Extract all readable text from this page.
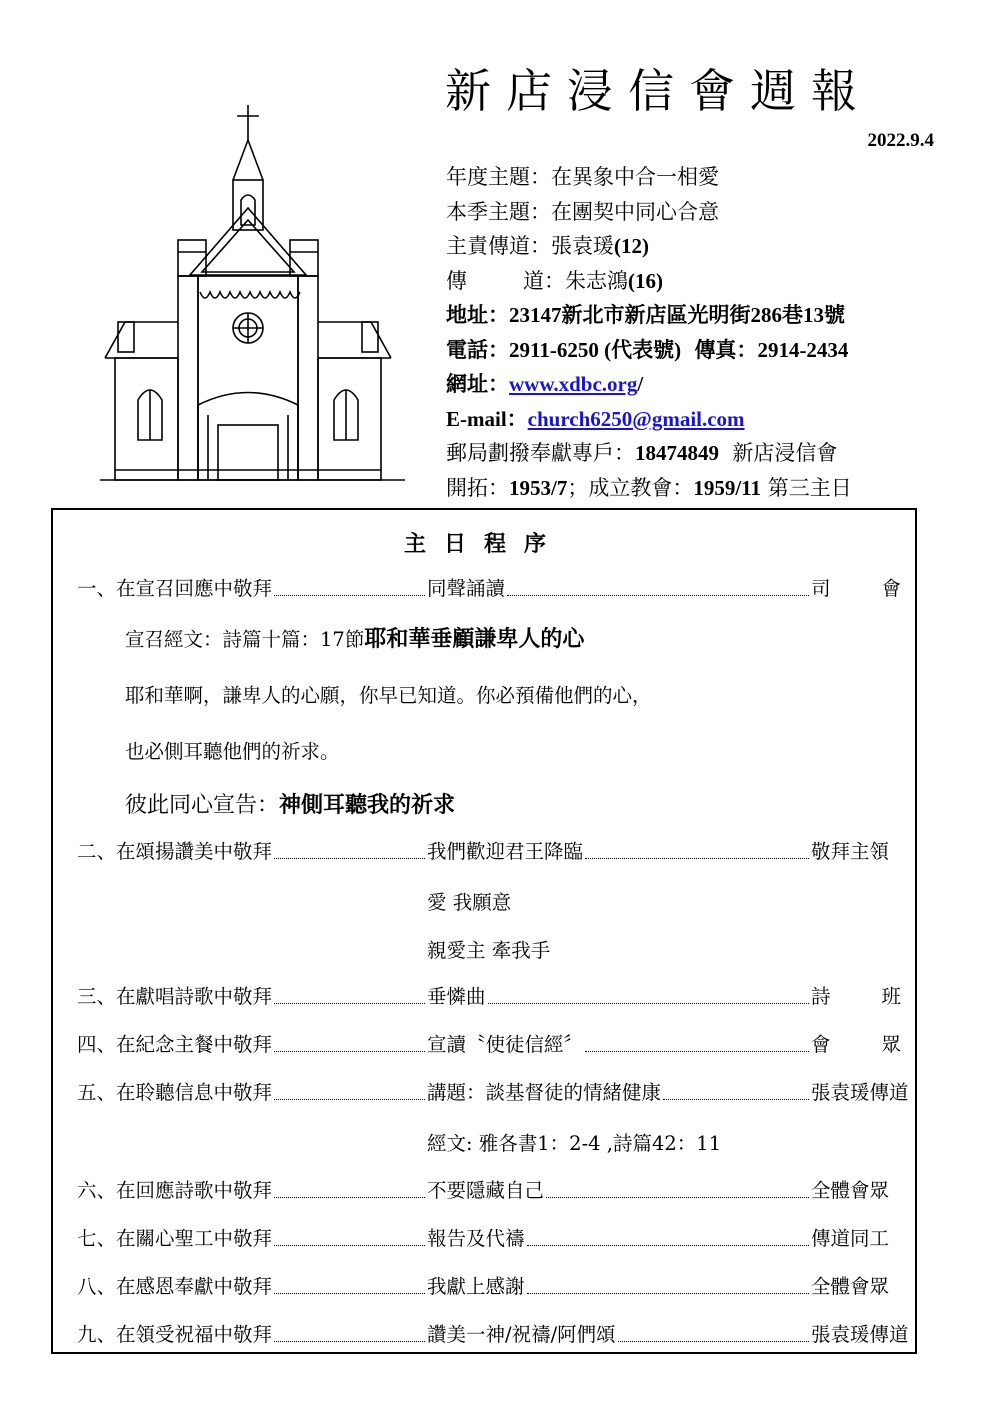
新店浸信會週報
2022.9.4
年度主題：在異象中合一相愛
本季主題：在團契中同心合意
主責傳道：張袁瑗(12)
傳	道：朱志鴻(16)
地址：23147新北市新店區光明街286巷13號
電話：2911-6250 (代表號) 傳真：2914-2434
網址：www.xdbc.org/
E-mail：church6250@gmail.com
郵局劃撥奉獻專戶：18474849 新店浸信會
開拓：1953/7；成立教會：1959/11 第三主日
主日程序
一、在宣召回應中敬拜	同聲誦讀	司　會
宣召經文：詩篇十篇：17節耶和華垂顧謙卑人的心
耶和華啊，謙卑人的心願，你早已知道。你必預備他們的心，
也必側耳聽他們的祈求。
彼此同心宣告：神側耳聽我的祈求
二、在頌揚讚美中敬拜	我們歡迎君王降臨	敬拜主領
愛 我願意
親愛主 牽我手
三、在獻唱詩歌中敬拜	垂憐曲	詩　班
四、在紀念主餐中敬拜	宣讀〝使徒信經〞	會　眾
五、在聆聽信息中敬拜	講題：談基督徒的情緒健康	張袁瑗傳道
經文: 雅各書1：2-4 ,詩篇42：11
六、在回應詩歌中敬拜	不要隱藏自己	全體會眾
七、在關心聖工中敬拜	報告及代禱	傳道同工
八、在感恩奉獻中敬拜	我獻上感謝	全體會眾
九、在領受祝福中敬拜	讚美一神/祝禱/阿們頌	張袁瑗傳道
